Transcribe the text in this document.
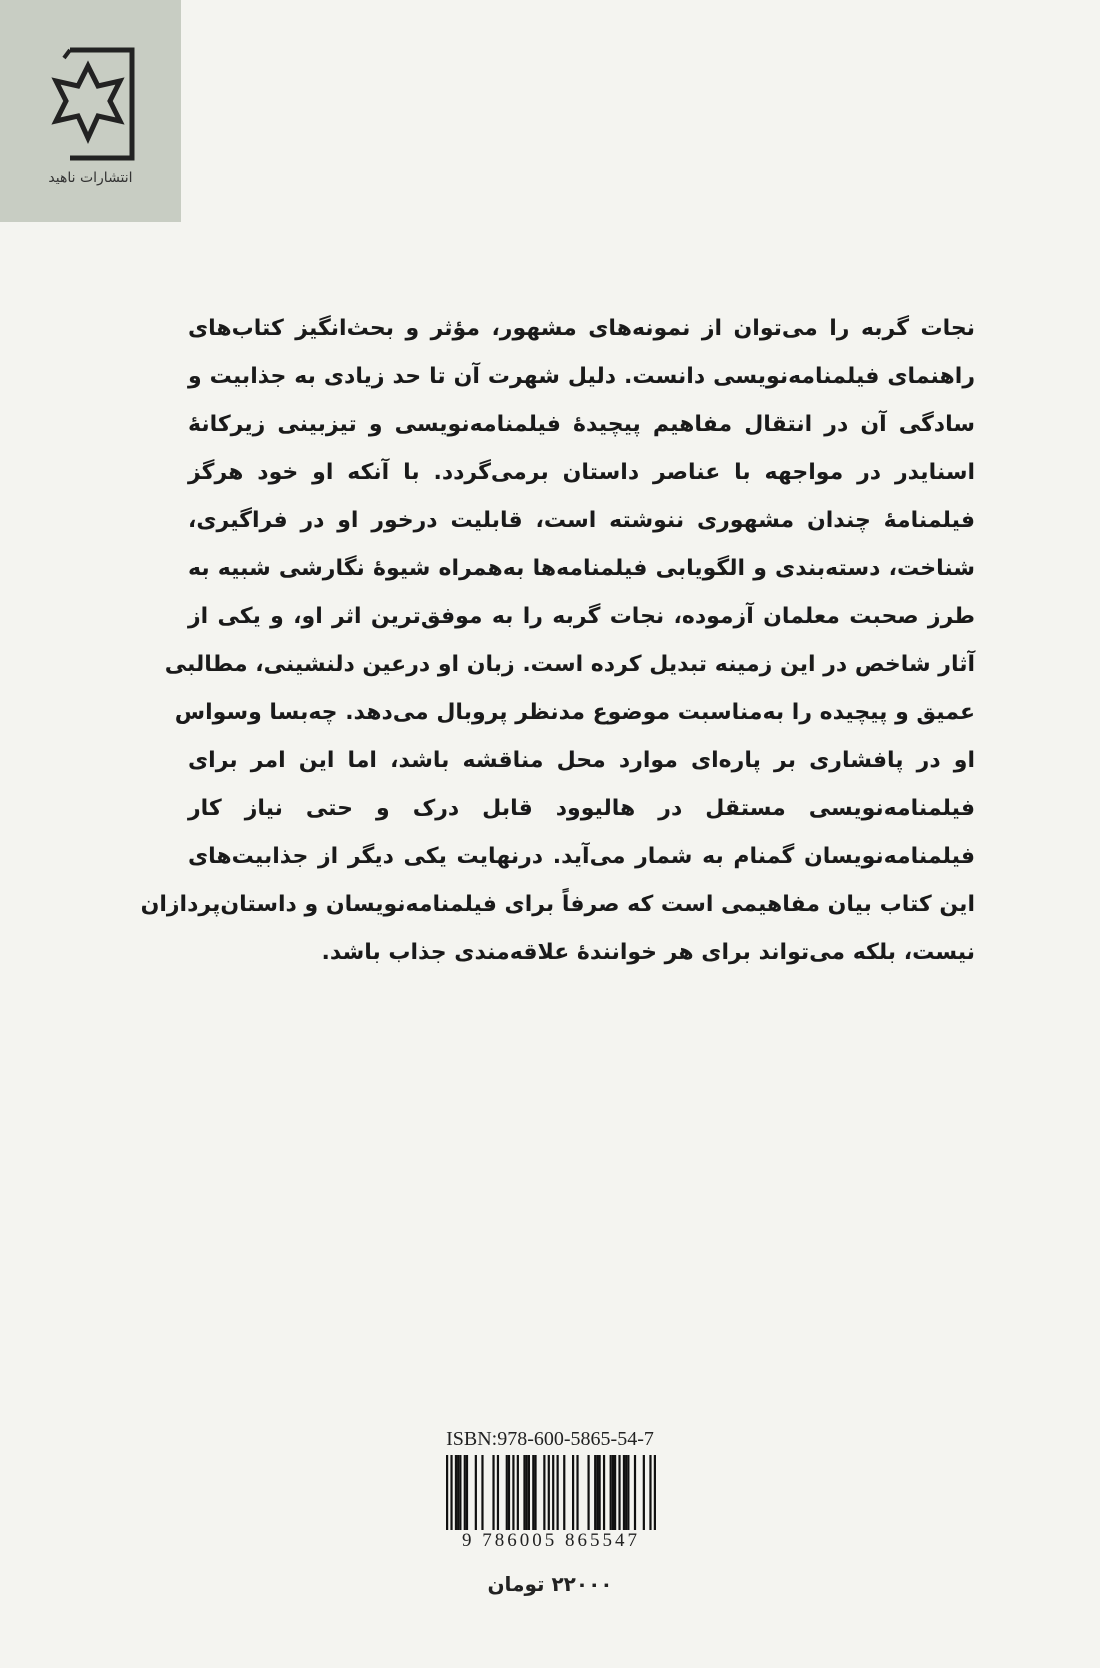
انتشارات ناهید
نجات گربه را می‌توان از نمونه‌های مشهور، مؤثر و بحث‌انگیز کتاب‌های
راهنمای فیلمنامه‌نویسی دانست. دلیل شهرت آن تا حد زیادی به جذابیت و
سادگی آن در انتقال مفاهیم پیچیدهٔ فیلمنامه‌نویسی و تیزبینی زیرکانهٔ
اسنایدر در مواجهه با عناصر داستان برمی‌گردد. با آنکه او خود هرگز
فیلمنامهٔ چندان مشهوری ننوشته است، قابلیت درخور او در فراگیری،
شناخت، دسته‌بندی و الگویابی فیلمنامه‌ها به‌همراه شیوهٔ نگارشی شبیه به
طرز صحبت معلمان آزموده، نجات گربه را به موفق‌ترین اثر او، و یکی از
آثار شاخص در این زمینه تبدیل کرده است. زبان او درعین دلنشینی، مطالبی
عمیق و پیچیده را به‌مناسبت موضوع مدنظر پروبال می‌دهد. چه‌بسا وسواس
او در پافشاری بر پاره‌ای موارد محل مناقشه باشد، اما این امر برای
فیلمنامه‌نویسی مستقل در هالیوود قابل درک و حتی نیاز کار
فیلمنامه‌نویسان گمنام به شمار می‌آید. درنهایت یکی دیگر از جذابیت‌های
این کتاب بیان مفاهیمی است که صرفاً برای فیلمنامه‌نویسان و داستان‌پردازان
نیست، بلکه می‌تواند برای هر خوانندهٔ علاقه‌مندی جذاب باشد.
ISBN:978-600-5865-54-7
9 786005 865547
۲۲۰۰۰ تومان
